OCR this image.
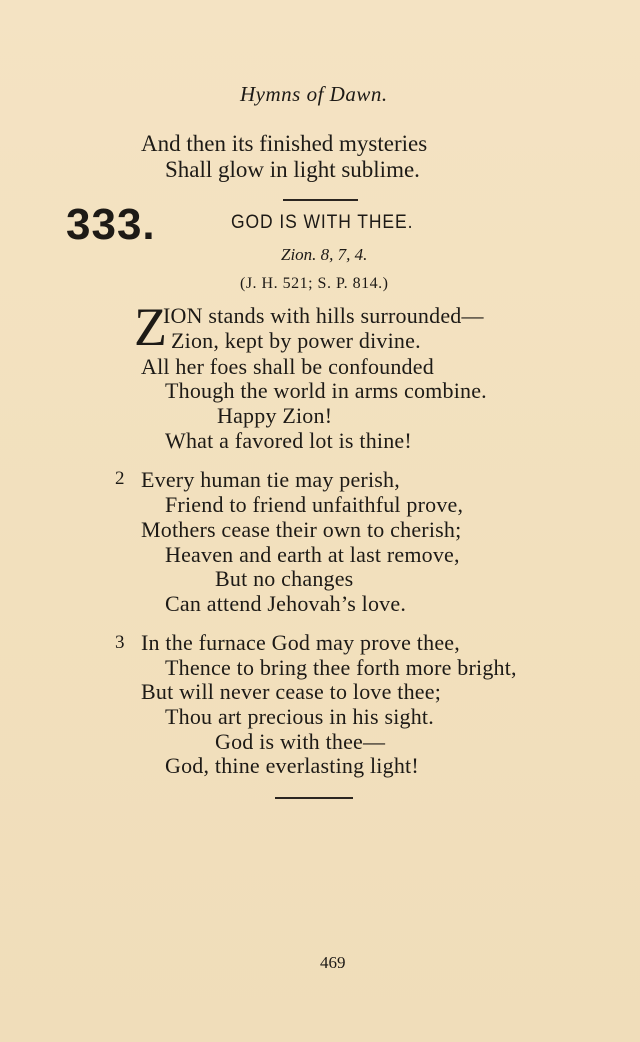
Hymns of Dawn.
And then its finished mysteries
Shall glow in light sublime.
333.	GOD IS WITH THEE.
Zion. 8, 7, 4.
(J. H. 521; S. P. 814.)
Z
ION stands with hills surrounded—
Zion, kept by power divine.
All her foes shall be confounded
Though the world in arms combine.
Happy Zion!
What a favored lot is thine!
2 Every human tie may perish,
Friend to friend unfaithful prove,
Mothers cease their own to cherish;
Heaven and earth at last remove,
But no changes
Can attend Jehovah’s love.
3 In the furnace God may prove thee,
Thence to bring thee forth more bright,
But will never cease to love thee;
Thou art precious in his sight.
God is with thee—
God, thine everlasting light!
469
